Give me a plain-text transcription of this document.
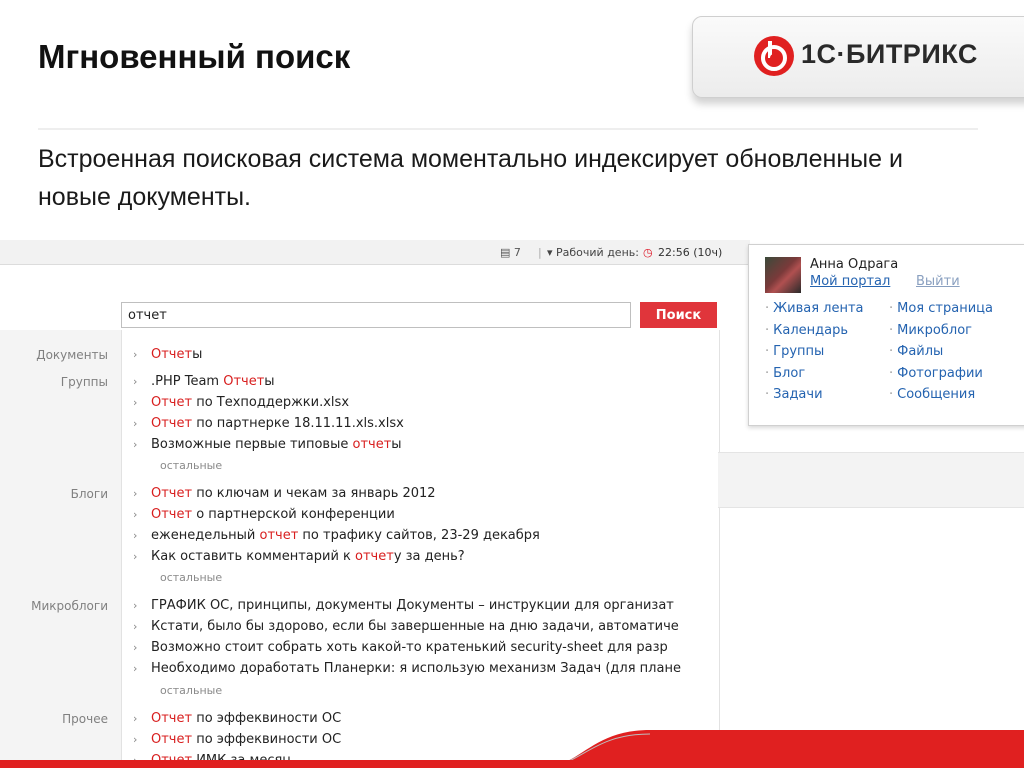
Мгновенный поиск	1С·БИТРИКС
Встроенная поисковая система моментально индексирует обновленные и новые документы.
▤ 7 | ▾ Рабочий день: ◷ 22:56 (10ч)
отчет
Поиск
Документы › Отчеты
Группы › .PHP Team Отчеты
› Отчет по Техподдержки.xlsx
› Отчет по партнерке 18.11.11.xls.xlsx
› Возможные первые типовые отчеты
остальные
Блоги › Отчет по ключам и чекам за январь 2012
› Отчет о партнерской конференции
› еженедельный отчет по трафику сайтов, 23-29 декабря
› Как оставить комментарий к отчету за день?
остальные
Микроблоги › ГРАФИК ОС, принципы, документы Документы – инструкции для организат
› Кстати, было бы здорово, если бы завершенные на дню задачи, автоматиче
› Возможно стоит собрать хоть какой-то кратенький security-sheet для разр
› Необходимо доработать Планерки: я использую механизм Задач (для плане
остальные
Прочее › Отчет по эффеквиности ОС
› Отчет по эффеквиности ОС
Анна Одрага
Мой портал Выйти
· Живая лента
· Календарь
· Группы
· Блог
· Задачи
· Моя страница
· Микроблог
· Файлы
· Фотографии
· Сообщения
